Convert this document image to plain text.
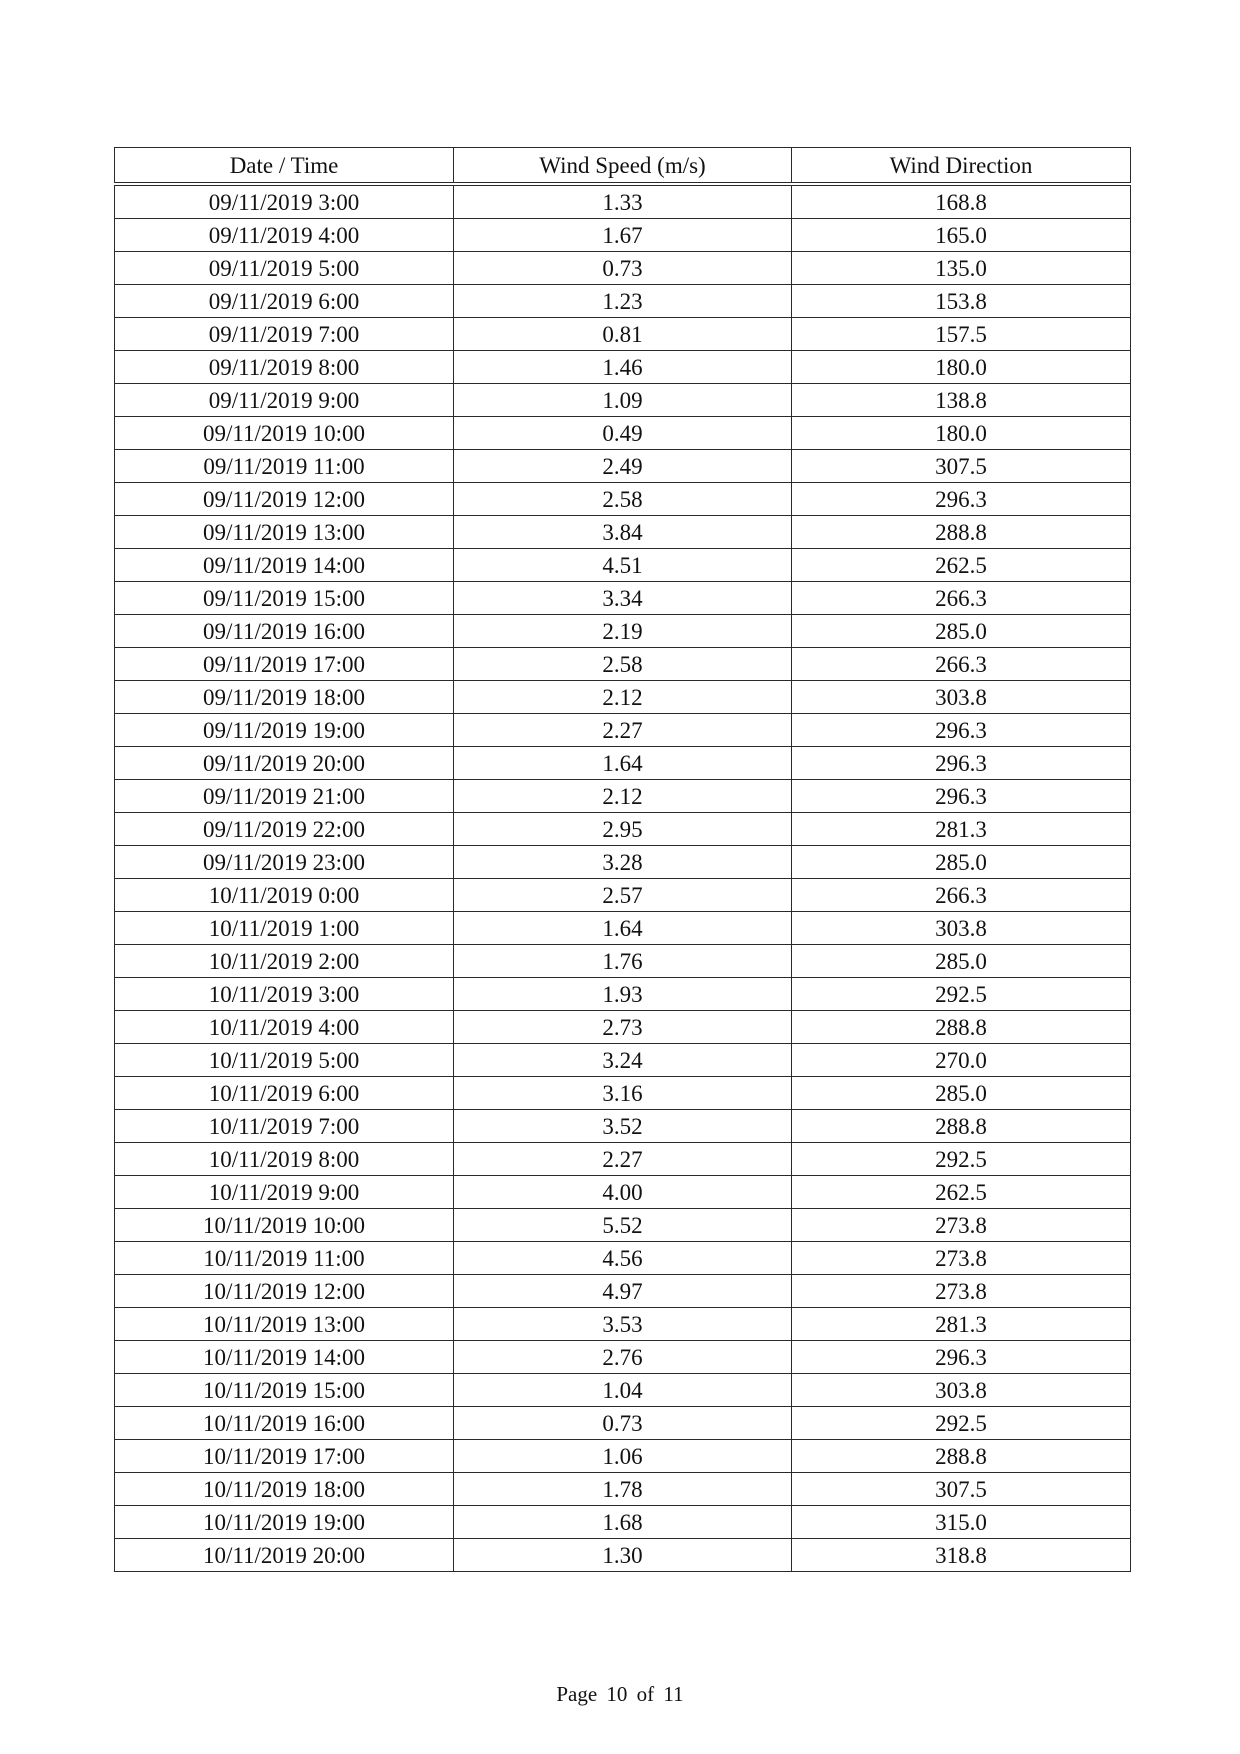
Date / Time	Wind Speed (m/s)	Wind Direction
09/11/2019 3:00	1.33	168.8
09/11/2019 4:00	1.67	165.0
09/11/2019 5:00	0.73	135.0
09/11/2019 6:00	1.23	153.8
09/11/2019 7:00	0.81	157.5
09/11/2019 8:00	1.46	180.0
09/11/2019 9:00	1.09	138.8
09/11/2019 10:00	0.49	180.0
09/11/2019 11:00	2.49	307.5
09/11/2019 12:00	2.58	296.3
09/11/2019 13:00	3.84	288.8
09/11/2019 14:00	4.51	262.5
09/11/2019 15:00	3.34	266.3
09/11/2019 16:00	2.19	285.0
09/11/2019 17:00	2.58	266.3
09/11/2019 18:00	2.12	303.8
09/11/2019 19:00	2.27	296.3
09/11/2019 20:00	1.64	296.3
09/11/2019 21:00	2.12	296.3
09/11/2019 22:00	2.95	281.3
09/11/2019 23:00	3.28	285.0
10/11/2019 0:00	2.57	266.3
10/11/2019 1:00	1.64	303.8
10/11/2019 2:00	1.76	285.0
10/11/2019 3:00	1.93	292.5
10/11/2019 4:00	2.73	288.8
10/11/2019 5:00	3.24	270.0
10/11/2019 6:00	3.16	285.0
10/11/2019 7:00	3.52	288.8
10/11/2019 8:00	2.27	292.5
10/11/2019 9:00	4.00	262.5
10/11/2019 10:00	5.52	273.8
10/11/2019 11:00	4.56	273.8
10/11/2019 12:00	4.97	273.8
10/11/2019 13:00	3.53	281.3
10/11/2019 14:00	2.76	296.3
10/11/2019 15:00	1.04	303.8
10/11/2019 16:00	0.73	292.5
10/11/2019 17:00	1.06	288.8
10/11/2019 18:00	1.78	307.5
10/11/2019 19:00	1.68	315.0
10/11/2019 20:00	1.30	318.8
Page 10 of 11
